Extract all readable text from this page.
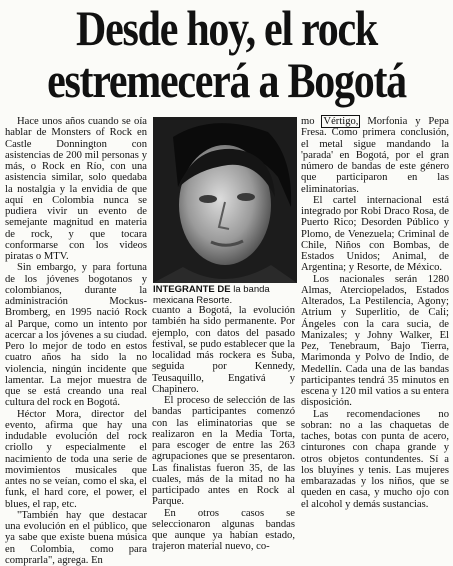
Desde hoy, el rock
estremecerá a Bogotá

Hace unos años cuando se oía hablar de Monsters of Rock en Castle Donnington con asistencias de 200 mil personas y más, o Rock en Río, con una asistencia similar, solo quedaba la nostalgia y la envidia de que aquí en Colombia nunca se pudiera vivir un evento de semejante magnitud en materia de rock, y que tocara conformarse con los videos piratas o MTV.

Sin embargo, y para fortuna de los jóvenes bogotanos y colombianos, durante la administración Mockus-Bromberg, en 1995 nació Rock al Parque, como un intento por acercar a los jóvenes a su ciudad. Pero lo mejor de todo en estos cuatro años ha sido la no violencia, ningún incidente que lamentar. La mejor muestra de que se está creando una real cultura del rock en Bogotá.

Héctor Mora, director del evento, afirma que hay una indudable evolución del rock criollo y especialmente el nacimiento de toda una serie de movimientos musicales que antes no se veían, como el ska, el funk, el hard core, el power, el blues, el rap, etc.

"También hay que destacar una evolución en el público, que ya sabe que existe buena música en Colombia, como para comprarla", agrega. En

INTEGRANTE DE la banda mexicana Resorte.

cuanto a Bogotá, la evolución también ha sido permanente. Por ejemplo, con datos del pasado festival, se pudo establecer que la localidad más rockera es Suba, seguida por Kennedy, Teusaquillo, Engativá y Chapinero.

El proceso de selección de las bandas participantes comenzó con las eliminatorias que se realizaron en la Media Torta, para escoger de entre las 263 agrupaciones que se presentaron. Las finalistas fueron 35, de las cuales, más de la mitad no ha participado antes en Rock al Parque.

En otros casos se seleccionaron algunas bandas que aunque ya habían estado, trajeron material nuevo, co-

mo Vértigo, Morfonia y Pepa Fresa. Como primera conclusión, el metal sigue mandando la 'parada' en Bogotá, por el gran número de bandas de este género que participaron en las eliminatorias.

El cartel internacional está integrado por Robi Draco Rosa, de Puerto Rico; Desorden Público y Plomo, de Venezuela; Criminal de Chile, Niños con Bombas, de Estados Unidos; Animal, de Argentina; y Resorte, de México.

Los nacionales serán 1280 Almas, Aterciopelados, Estados Alterados, La Pestilencia, Agony; Atrium y Superlitio, de Cali; Ángeles con la cara sucia, de Manizales; y Johny Walker, El Pez, Tenebraum, Bajo Tierra, Marimonda y Polvo de Indio, de Medellín. Cada una de las bandas participantes tendrá 35 minutos en escena y 120 mil vatios a su entera disposición.

Las recomendaciones no sobran: no a las chaquetas de taches, botas con punta de acero, cinturones con chapa grande y otros objetos contundentes. Sí a los bluyines y tenis. Las mujeres embarazadas y los niños, que se queden en casa, y mucho ojo con el alcohol y demás sustancias.
